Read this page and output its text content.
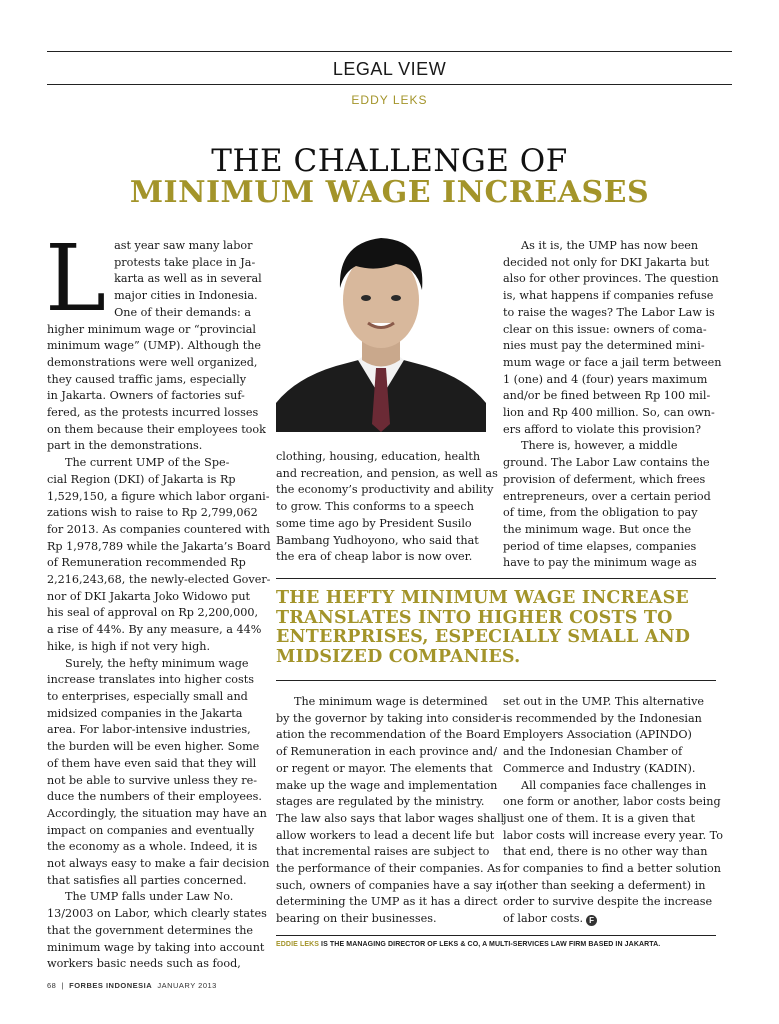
LEGAL VIEW
EDDY LEKS
THE CHALLENGE OF
MINIMUM WAGE INCREASES
L ast year saw many labor
protests take place in Ja-
karta as well as in several
major cities in Indonesia.
One of their demands: a
higher minimum wage or “provincial
minimum wage” (UMP). Although the
demonstrations were well organized,
they caused traffic jams, especially
in Jakarta. Owners of factories suf-
fered, as the protests incurred losses
on them because their employees took
part in the demonstrations.
The current UMP of the Spe-
cial Region (DKI) of Jakarta is Rp
1,529,150, a figure which labor organi-
zations wish to raise to Rp 2,799,062
for 2013. As companies countered with
Rp 1,978,789 while the Jakarta’s Board
of Remuneration recommended Rp
2,216,243,68, the newly-elected Gover-
nor of DKI Jakarta Joko Widowo put
his seal of approval on Rp 2,200,000,
a rise of 44%. By any measure, a 44%
hike, is high if not very high.
Surely, the hefty minimum wage
increase translates into higher costs
to enterprises, especially small and
midsized companies in the Jakarta
area. For labor-intensive industries,
the burden will be even higher. Some
of them have even said that they will
not be able to survive unless they re-
duce the numbers of their employees.
Accordingly, the situation may have an
impact on companies and eventually
the economy as a whole. Indeed, it is
not always easy to make a fair decision
that satisfies all parties concerned.
The UMP falls under Law No.
13/2003 on Labor, which clearly states
that the government determines the
minimum wage by taking into account
workers basic needs such as food,
clothing, housing, education, health
and recreation, and pension, as well as
the economy’s productivity and ability
to grow. This conforms to a speech
some time ago by President Susilo
Bambang Yudhoyono, who said that
the era of cheap labor is now over.
As it is, the UMP has now been
decided not only for DKI Jakarta but
also for other provinces. The question
is, what happens if companies refuse
to raise the wages? The Labor Law is
clear on this issue: owners of coma-
nies must pay the determined mini-
mum wage or face a jail term between
1 (one) and 4 (four) years maximum
and/or be fined between Rp 100 mil-
lion and Rp 400 million. So, can own-
ers afford to violate this provision?
There is, however, a middle
ground. The Labor Law contains the
provision of deferment, which frees
entrepreneurs, over a certain period
of time, from the obligation to pay
the minimum wage. But once the
period of time elapses, companies
have to pay the minimum wage as
THE HEFTY MINIMUM WAGE INCREASE
TRANSLATES INTO HIGHER COSTS TO
ENTERPRISES, ESPECIALLY SMALL AND
MIDSIZED COMPANIES.
The minimum wage is determined
by the governor by taking into consider-
ation the recommendation of the Board
of Remuneration in each province and/
or regent or mayor. The elements that
make up the wage and implementation
stages are regulated by the ministry.
The law also says that labor wages shall
allow workers to lead a decent life but
that incremental raises are subject to
the performance of their companies. As
such, owners of companies have a say in
determining the UMP as it has a direct
bearing on their businesses.
set out in the UMP. This alternative
is recommended by the Indonesian
Employers Association (APINDO)
and the Indonesian Chamber of
Commerce and Industry (KADIN).
All companies face challenges in
one form or another, labor costs being
just one of them. It is a given that
labor costs will increase every year. To
that end, there is no other way than
for companies to find a better solution
(other than seeking a deferment) in
order to survive despite the increase
of labor costs. F
EDDIE LEKS IS THE MANAGING DIRECTOR OF LEKS & CO, A MULTI-SERVICES LAW FIRM BASED IN JAKARTA.
68 | FORBES INDONESIA JANUARY 2013
